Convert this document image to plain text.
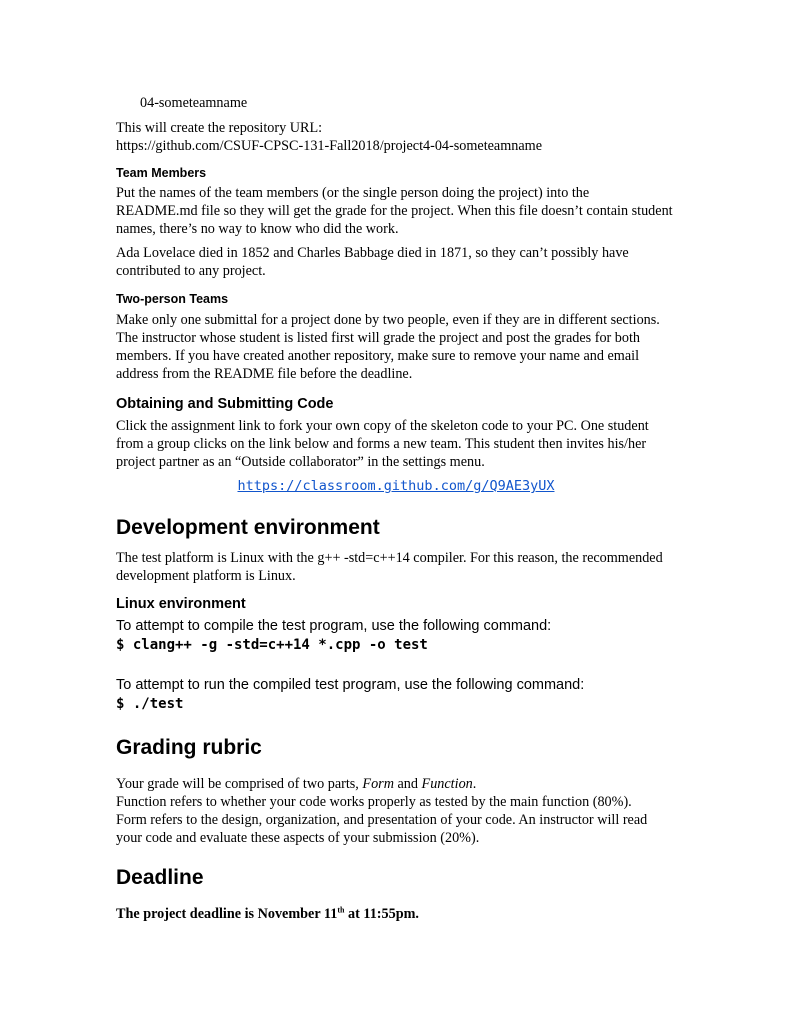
04-someteamname
This will create the repository URL:
https://github.com/CSUF-CPSC-131-Fall2018/project4-04-someteamname
Team Members
Put the names of the team members (or the single person doing the project) into the
README.md file so they will get the grade for the project. When this file doesn’t contain student
names, there’s no way to know who did the work.
Ada Lovelace died in 1852 and Charles Babbage died in 1871, so they can’t possibly have
contributed to any project.
Two-person Teams
Make only one submittal for a project done by two people, even if they are in different sections.
The instructor whose student is listed first will grade the project and post the grades for both
members. If you have created another repository, make sure to remove your name and email
address from the README file before the deadline.
Obtaining and Submitting Code
Click the assignment link to fork your own copy of the skeleton code to your PC. One student
from a group clicks on the link below and forms a new team. This student then invites his/her
project partner as an “Outside collaborator” in the settings menu.
https://classroom.github.com/g/Q9AE3yUX
Development environment
The test platform is Linux with the g++ -std=c++14 compiler. For this reason, the recommended
development platform is Linux.
Linux environment
To attempt to compile the test program, use the following command:
$ clang++ -g -std=c++14 *.cpp -o test
To attempt to run the compiled test program, use the following command:
$ ./test
Grading rubric
Your grade will be comprised of two parts, Form and Function.
Function refers to whether your code works properly as tested by the main function (80%).
Form refers to the design, organization, and presentation of your code. An instructor will read
your code and evaluate these aspects of your submission (20%).
Deadline
The project deadline is November 11th at 11:55pm.
